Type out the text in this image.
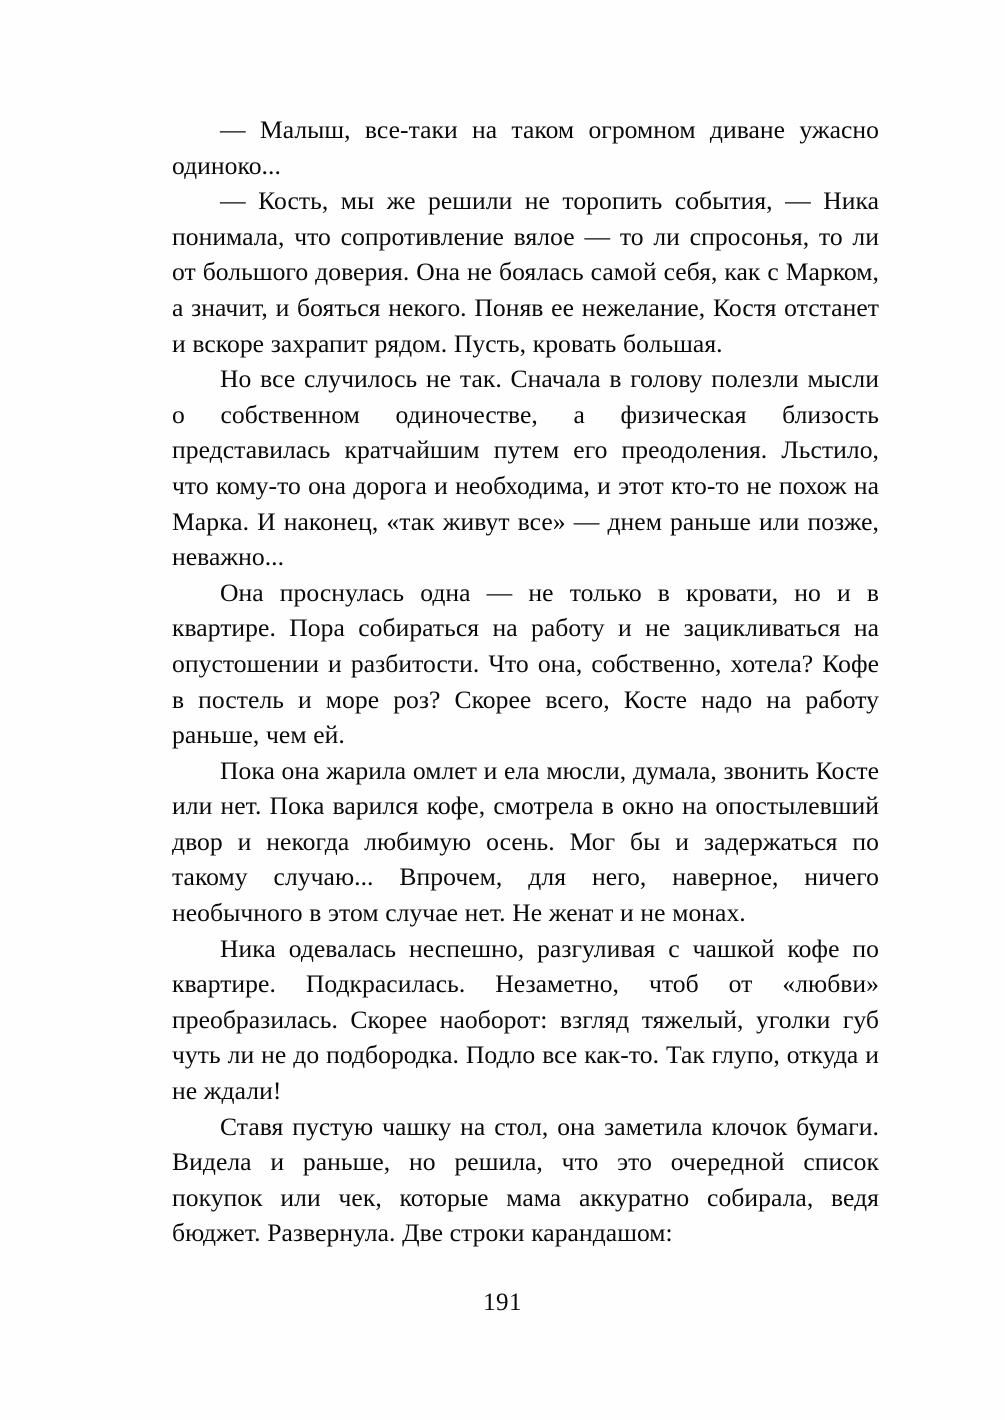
— Малыш, все‑таки на таком огромном диване ужасно одиноко...

— Кость, мы же решили не торопить события, — Ника понимала, что сопротивление вялое — то ли спросонья, то ли от большого доверия. Она не боялась самой себя, как с Марком, а значит, и бояться некого. Поняв ее нежелание, Костя отстанет и вскоре захрапит рядом. Пусть, кровать большая.

Но все случилось не так. Сначала в голову полезли мысли о собственном одиночестве, а физическая близость представилась кратчайшим путем его преодоления. Льстило, что кому‑то она дорога и необходима, и этот кто‑то не похож на Марка. И наконец, «так живут все» — днем раньше или позже, неважно...

Она проснулась одна — не только в кровати, но и в квартире. Пора собираться на работу и не зацикливаться на опустошении и разбитости. Что она, собственно, хотела? Кофе в постель и море роз? Скорее всего, Косте надо на работу раньше, чем ей.

Пока она жарила омлет и ела мюсли, думала, звонить Косте или нет. Пока варился кофе, смотрела в окно на опостылевший двор и некогда любимую осень. Мог бы и задержаться по такому случаю... Впрочем, для него, наверное, ничего необычного в этом случае нет. Не женат и не монах.

Ника одевалась неспешно, разгуливая с чашкой кофе по квартире. Подкрасилась. Незаметно, чтоб от «любви» преобразилась. Скорее наоборот: взгляд тяжелый, уголки губ чуть ли не до подбородка. Подло все как‑то. Так глупо, откуда и не ждали!

Ставя пустую чашку на стол, она заметила клочок бумаги. Видела и раньше, но решила, что это очередной список покупок или чек, которые мама аккуратно собирала, ведя бюджет. Развернула. Две строки карандашом:

191
